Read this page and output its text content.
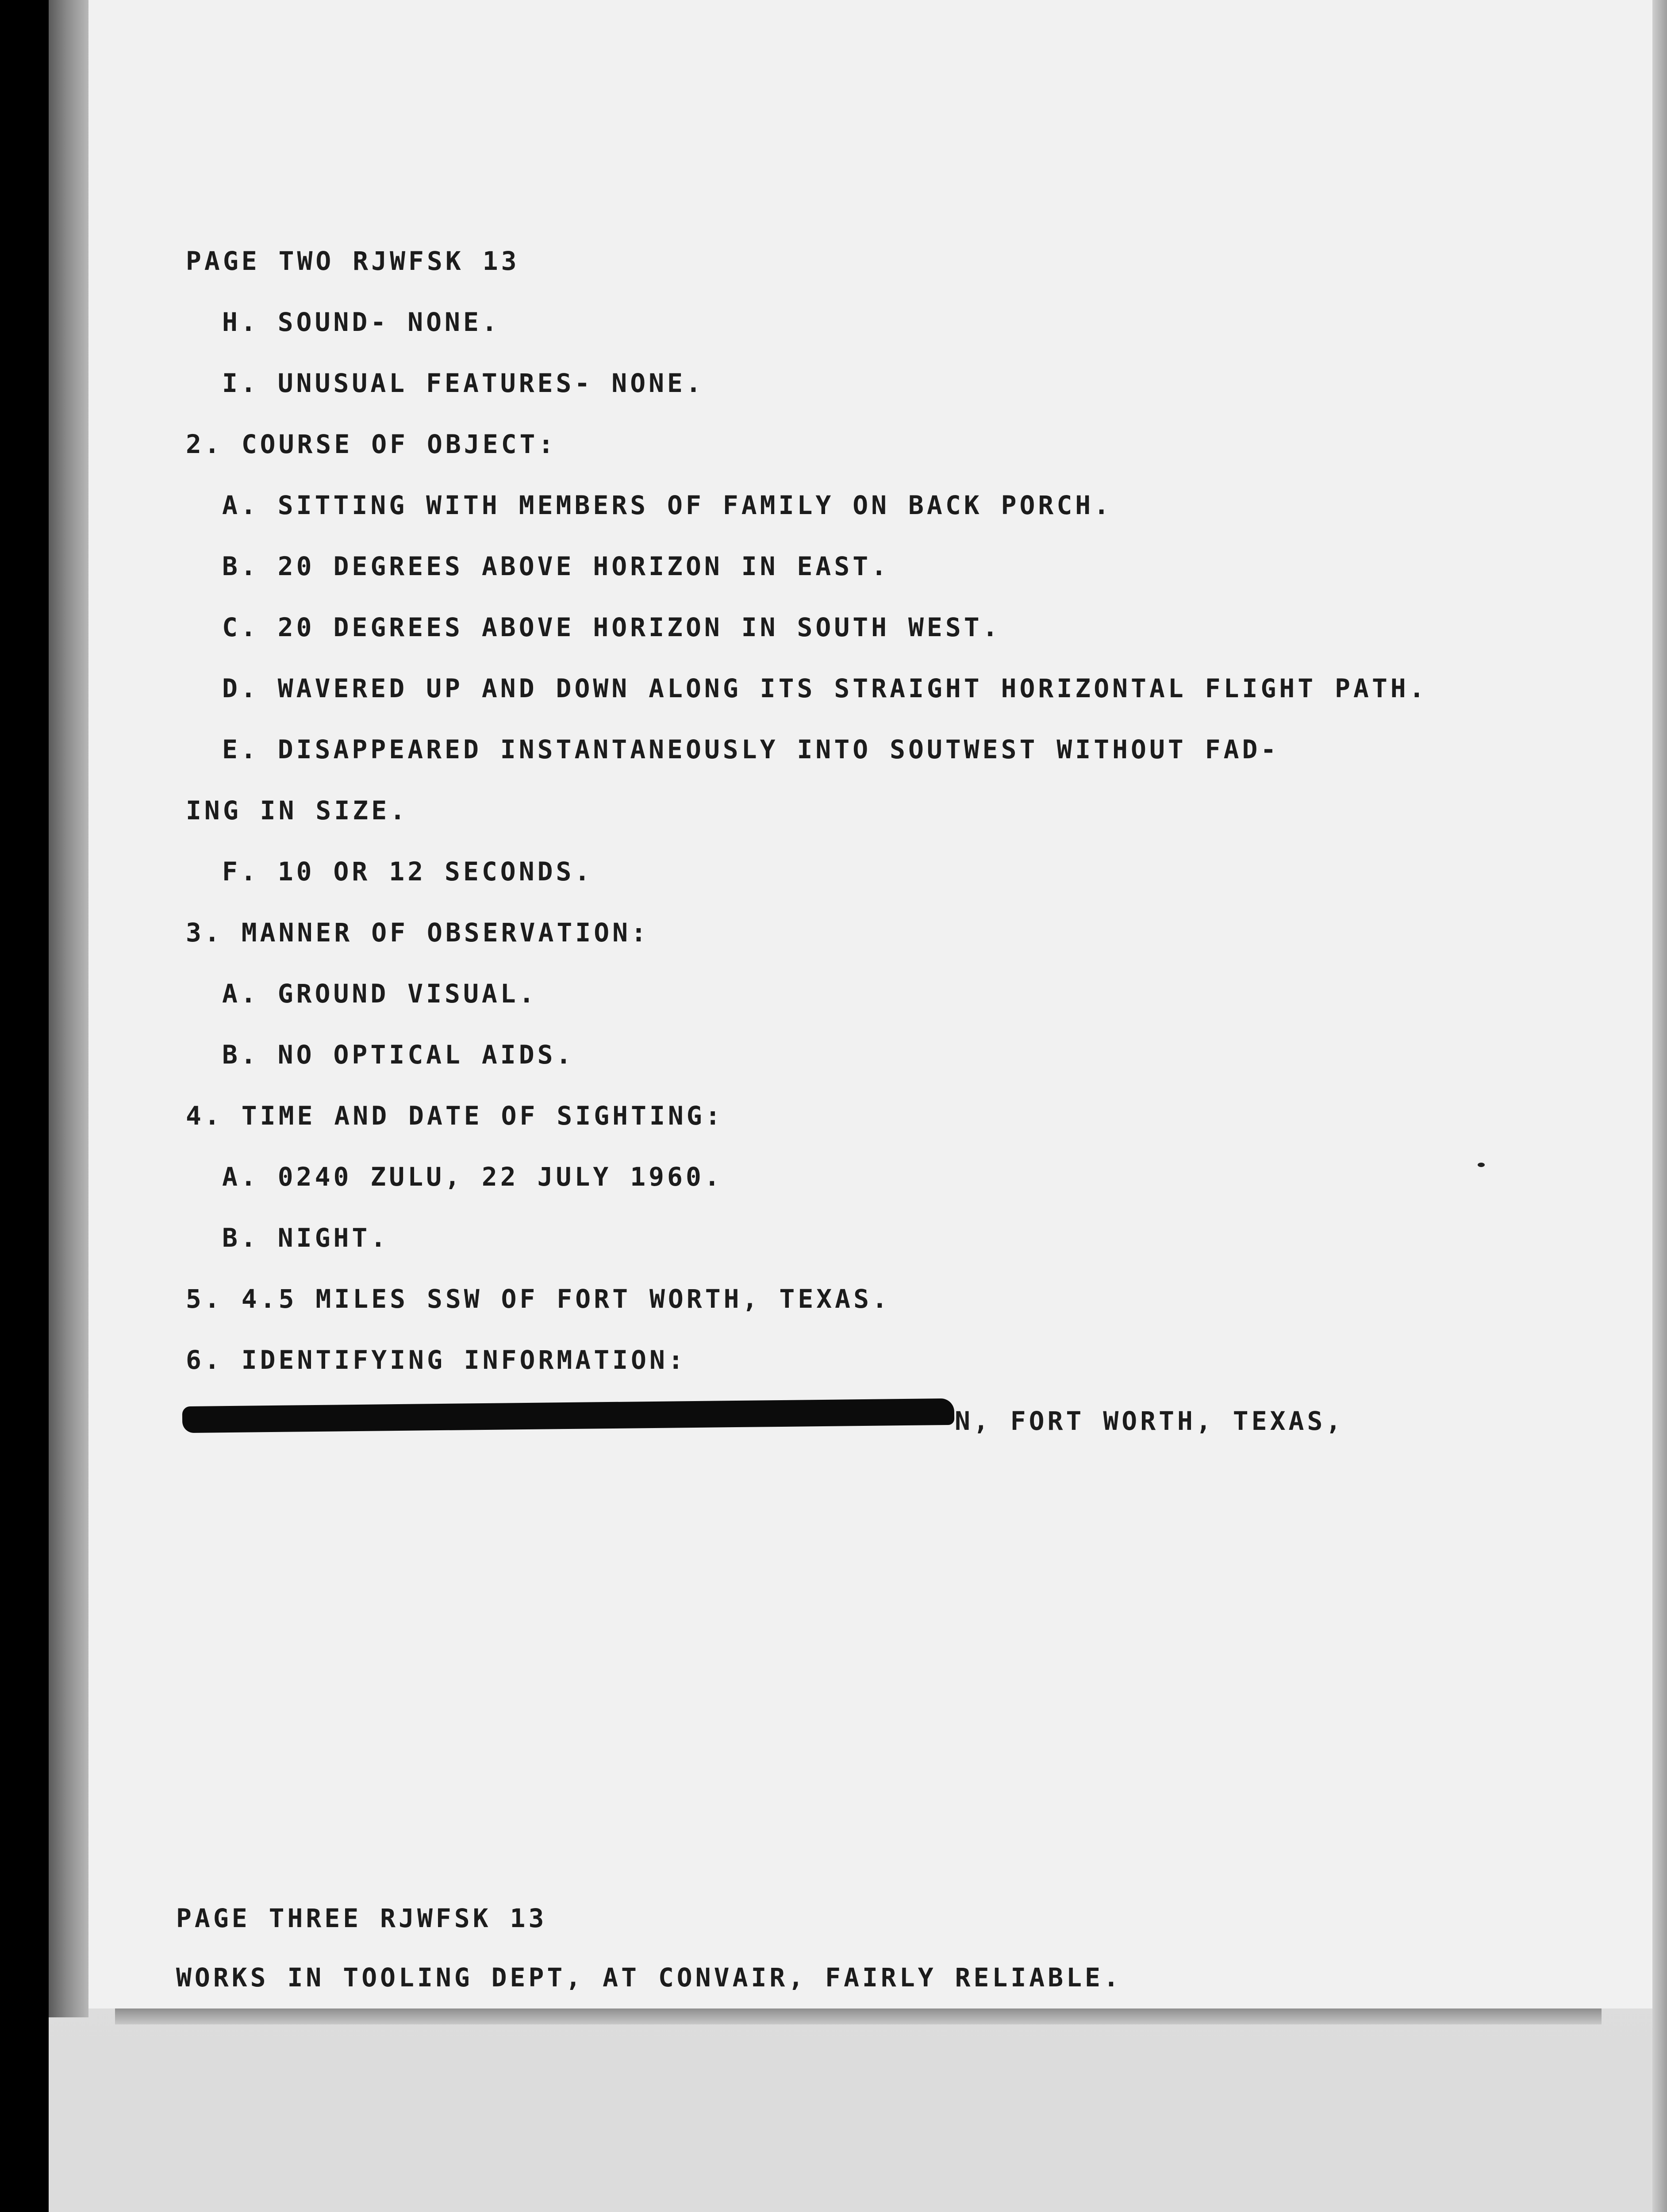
PAGE TWO RJWFSK 13

H. SOUND- NONE.

I. UNUSUAL FEATURES- NONE.

2. COURSE OF OBJECT:

A. SITTING WITH MEMBERS OF FAMILY ON BACK PORCH.

B. 20 DEGREES ABOVE HORIZON IN EAST.

C. 20 DEGREES ABOVE HORIZON IN SOUTH WEST.

D. WAVERED UP AND DOWN ALONG ITS STRAIGHT HORIZONTAL FLIGHT PATH.

E. DISAPPEARED INSTANTANEOUSLY INTO SOUTWEST WITHOUT FAD-

ING IN SIZE.

F. 10 OR 12 SECONDS.

3. MANNER OF OBSERVATION:

A. GROUND VISUAL.

B. NO OPTICAL AIDS.

4. TIME AND DATE OF SIGHTING:

A. 0240 ZULU, 22 JULY 1960.

B. NIGHT.

5. 4.5 MILES SSW OF FORT WORTH, TEXAS.

6. IDENTIFYING INFORMATION:

N, FORT WORTH, TEXAS,

PAGE THREE RJWFSK 13

WORKS IN TOOLING DEPT, AT CONVAIR, FAIRLY RELIABLE.
